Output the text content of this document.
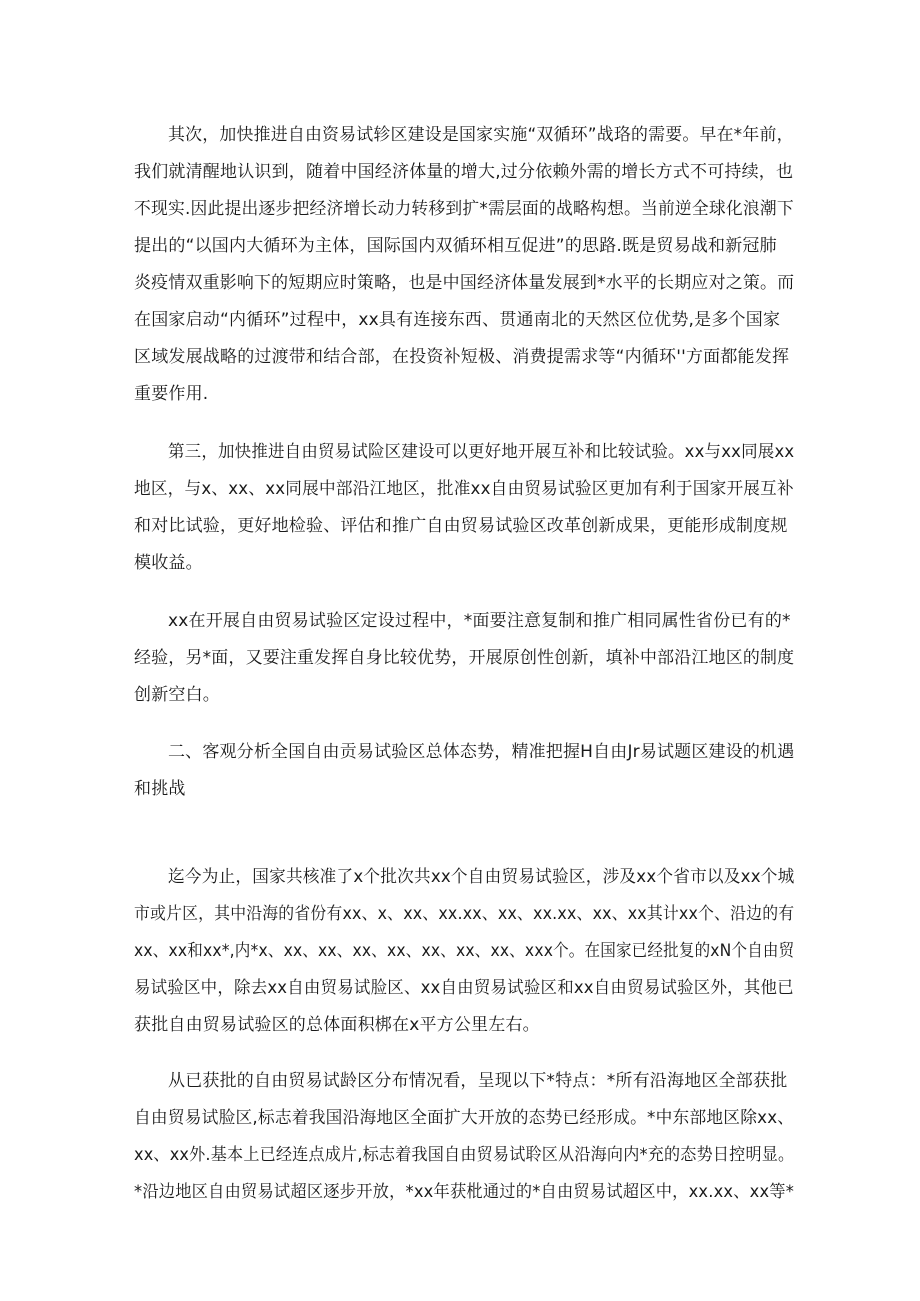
其次，加快推进自由资易试轸区建设是国家实施“双循环”战珞的需要。早在*年前，
我们就清醒地认识到，随着中国经济体量的增大,过分依赖外需的增长方式不可持续，也
不现实.因此提出逐步把经济增长动力转移到扩*需层面的战略构想。当前逆全球化浪潮下
提出的“以国内大循环为主体，国际国内双循环相互促进”的思路.既是贸易战和新冠肺
炎疫情双重影响下的短期应时策略，也是中国经济体量发展到*水平的长期应对之策。而
在国家启动“内循环”过程中，xx具有连接东西、贯通南北的天然区位优势,是多个国家
区域发展战略的过渡带和结合部，在投资补短极、消费提需求等“内循环''方面都能发挥
重要作用.
第三，加快推进自由贸易试险区建设可以更好地开展互补和比较试验。xx与xx同展xx
地区，与x、xx、xx同展中部沿江地区，批准xx自由贸易试验区更加有利于国家开展互补
和对比试验，更好地检验、评估和推广自由贸易试验区改革创新成果，更能形成制度规
模收益。
xx在开展自由贸易试验区定设过程中，*面要注意复制和推广相同属性省份已有的*
经验，另*面，又要注重发挥自身比较优势，开展原创性创新，填补中部沿江地区的制度
创新空白。
二、客观分析全国自由贡易试验区总体态势，精准把握H自由Jr易试题区建设的机遇
和挑战
迄今为止，国家共核准了x个批次共xx个自由贸易试验区，涉及xx个省市以及xx个城
市或片区，其中沿海的省份有xx、x、xx、xx.xx、xx、xx.xx、xx、xx其计xx个、沿边的有
xx、xx和xx*,内*x、xx、xx、xx、xx、xx、xx、xx、xxx个。在国家已经批复的xN个自由贸
易试验区中，除去xx自由贸易试脸区、xx自由贸易试验区和xx自由贸易试验区外，其他已
获批自由贸易试验区的总体面积梆在x平方公里左右。
从已获批的自由贸易试龄区分布情况看，呈现以下*特点：*所有沿海地区全部获批
自由贸易试脸区,标志着我国沿海地区全面扩大开放的态势已经形成。*中东部地区除xx、
xx、xx外.基本上已经连点成片,标志着我国自由贸易试聆区从沿海向内*充的态势日控明显。
*沿边地区自由贸易试超区逐步开放，*xx年获枇通过的*自由贸易试超区中，xx.xx、xx等*
